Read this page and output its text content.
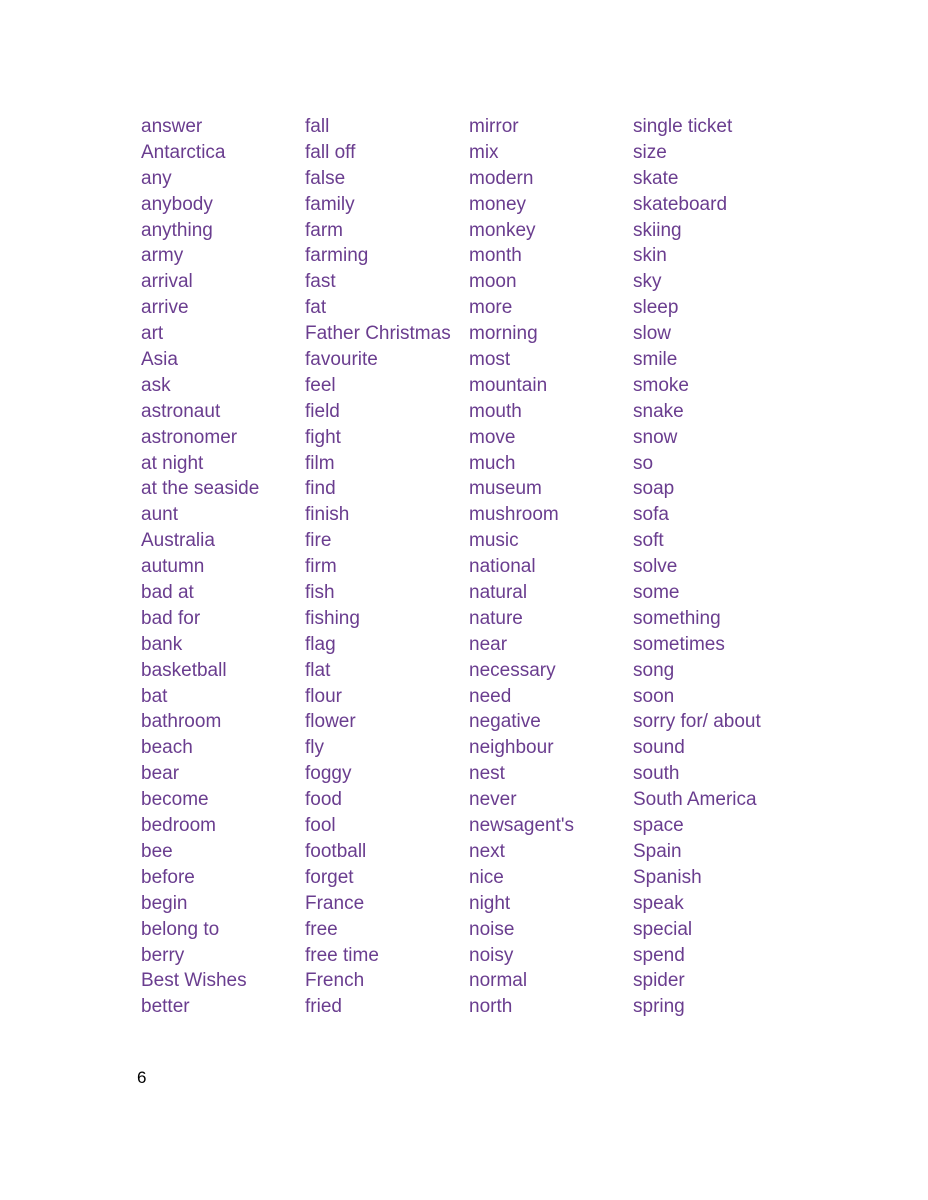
answer
Antarctica
any
anybody
anything
army
arrival
arrive
art
Asia
ask
astronaut
astronomer
at night
at the seaside
aunt
Australia
autumn
bad at
bad for
bank
basketball
bat
bathroom
beach
bear
become
bedroom
bee
before
begin
belong to
berry
Best Wishes
better
fall
fall off
false
family
farm
farming
fast
fat
Father Christmas
favourite
feel
field
fight
film
find
finish
fire
firm
fish
fishing
flag
flat
flour
flower
fly
foggy
food
fool
football
forget
France
free
free time
French
fried
mirror
mix
modern
money
monkey
month
moon
more
morning
most
mountain
mouth
move
much
museum
mushroom
music
national
natural
nature
near
necessary
need
negative
neighbour
nest
never
newsagent's
next
nice
night
noise
noisy
normal
north
single ticket
size
skate
skateboard
skiing
skin
sky
sleep
slow
smile
smoke
snake
snow
so
soap
sofa
soft
solve
some
something
sometimes
song
soon
sorry for/ about
sound
south
South America
space
Spain
Spanish
speak
special
spend
spider
spring
6
